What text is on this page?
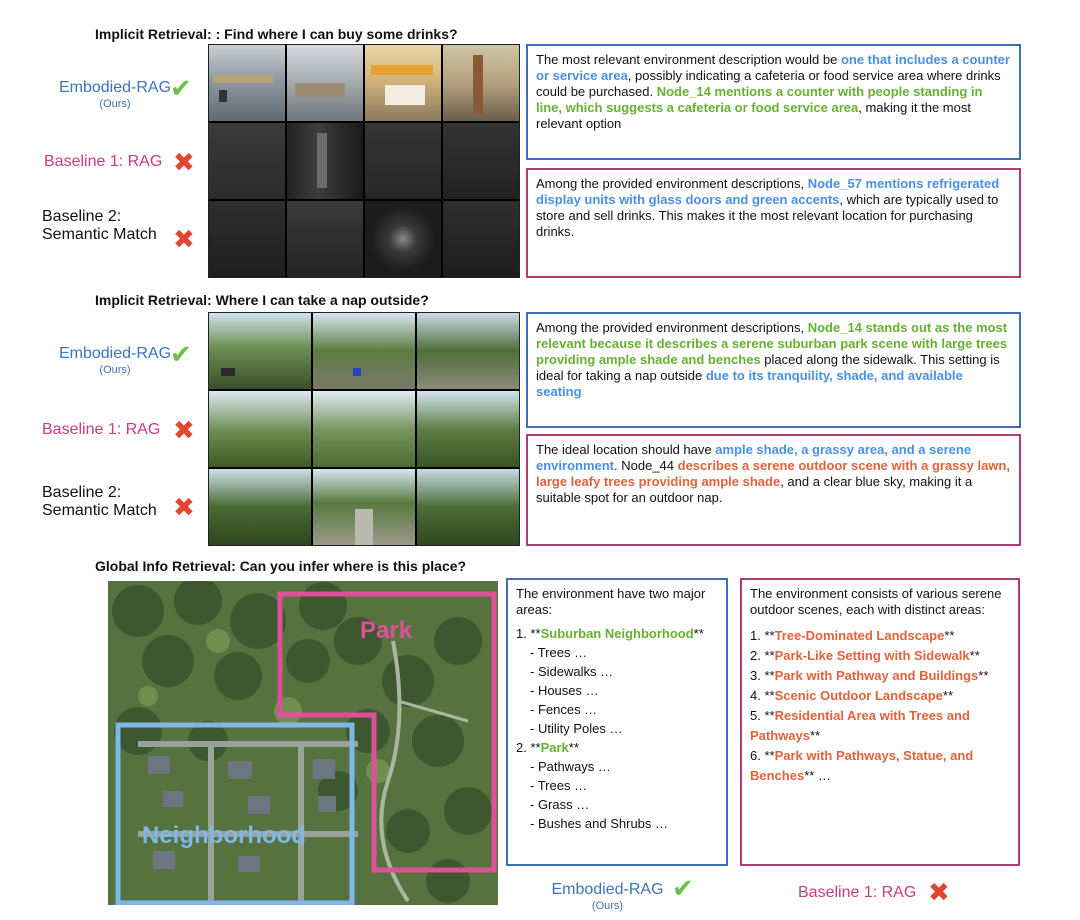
Implicit Retrieval: : Find where I can buy some drinks?
Embodied-RAG
(Ours)
✔
Baseline 1: RAG ✖
Baseline 2:
Semantic Match ✖
The most relevant environment description would be one that includes a counter or service area, possibly indicating a cafeteria or food service area where drinks could be purchased. Node_14 mentions a counter with people standing in line, which suggests a cafeteria or food service area, making it the most relevant option
Among the provided environment descriptions, Node_57 mentions refrigerated display units with glass doors and green accents, which are typically used to store and sell drinks. This makes it the most relevant location for purchasing drinks.
Implicit Retrieval: Where I can take a nap outside?
Embodied-RAG
(Ours)
✔
Baseline 1: RAG ✖
Baseline 2:
Semantic Match ✖
Among the provided environment descriptions, Node_14 stands out as the most relevant because it describes a serene suburban park scene with large trees providing ample shade and benches placed along the sidewalk. This setting is ideal for taking a nap outside due to its tranquility, shade, and available seating
The ideal location should have ample shade, a grassy area, and a serene environment. Node_44 describes a serene outdoor scene with a grassy lawn, large leafy trees providing ample shade, and a clear blue sky, making it a suitable spot for an outdoor nap.
Global Info Retrieval: Can you infer where is this place?
Park
Neighborhood
The environment have two major areas:
1. **Suburban Neighborhood**
- Trees …
- Sidewalks …
- Houses …
- Fences …
- Utility Poles …
2. **Park**
- Pathways …
- Trees …
- Grass …
- Bushes and Shrubs …
The environment consists of various serene outdoor scenes, each with distinct areas:
1. **Tree-Dominated Landscape**
2. **Park-Like Setting with Sidewalk**
3. **Park with Pathway and Buildings**
4. **Scenic Outdoor Landscape**
5. **Residential Area with Trees and Pathways**
6. **Park with Pathways, Statue, and Benches** …
Embodied-RAG
(Ours)
✔	Baseline 1: RAG ✖
